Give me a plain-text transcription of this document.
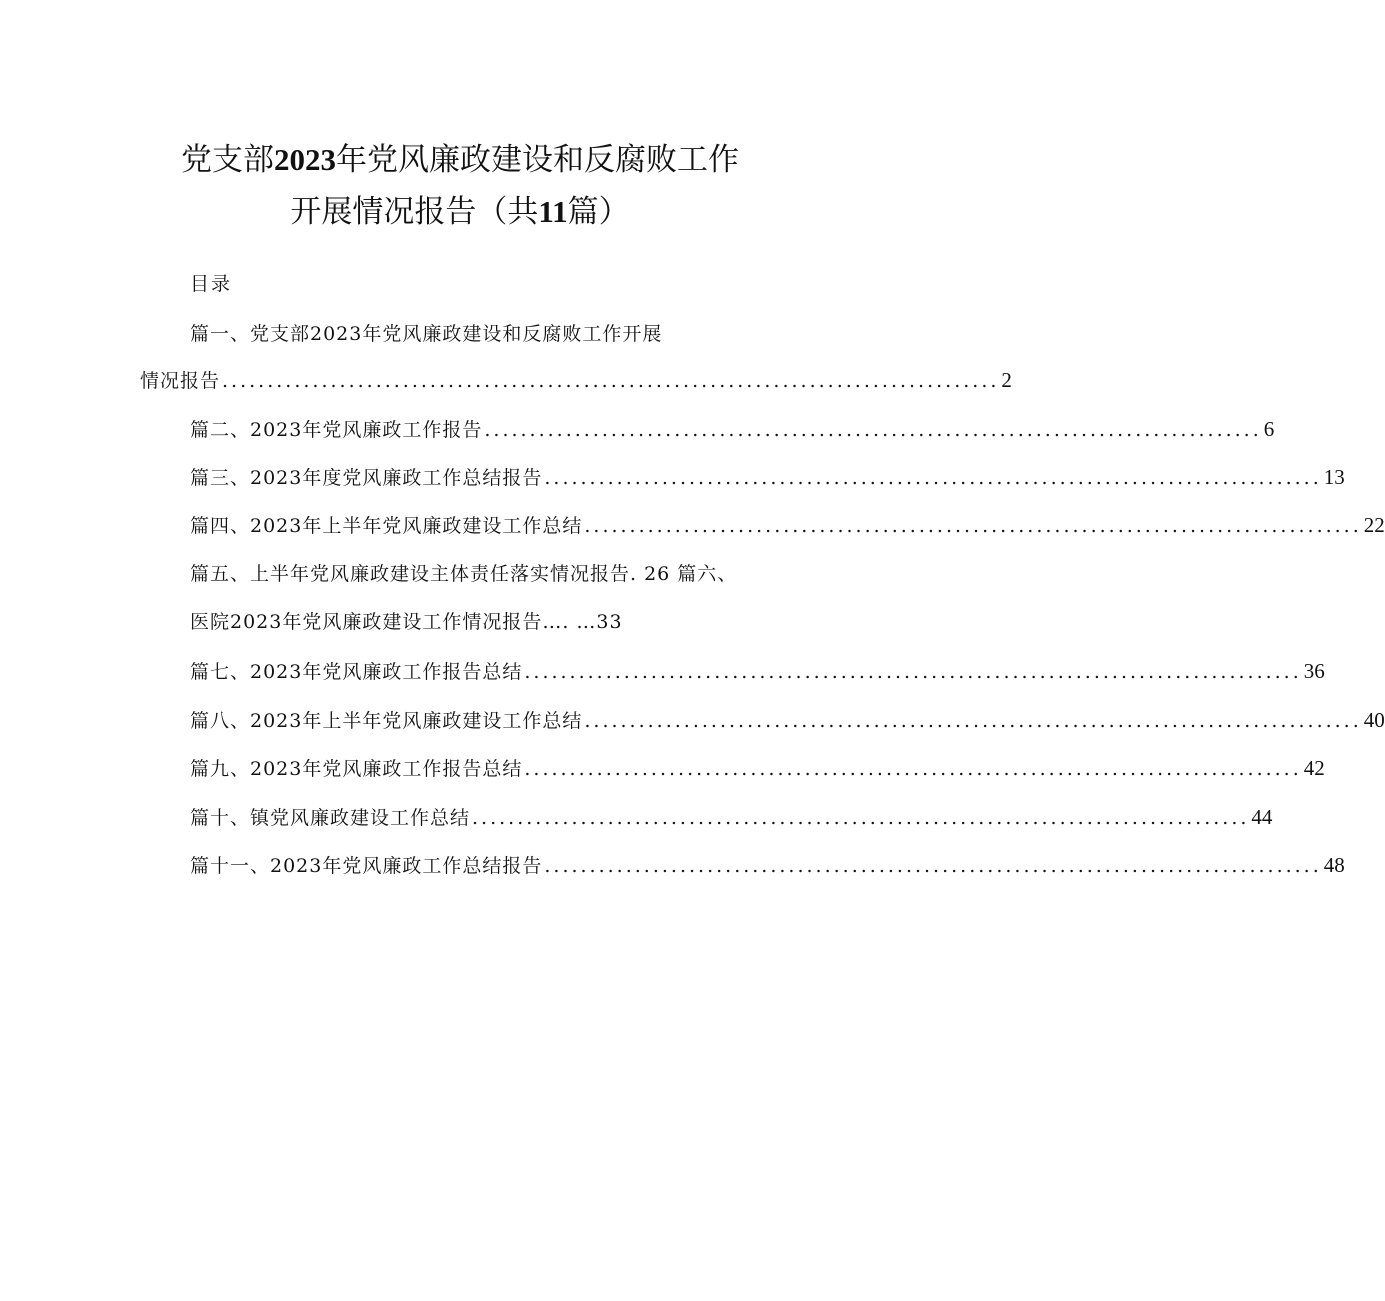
党支部2023年党风廉政建设和反腐败工作
开展情况报告（共11篇）
目录
篇一、党支部2023年党风廉政建设和反腐败工作开展
情况报告 ...................................................................................... 2
篇二、2023年党风廉政工作报告 ...................................................................................... 6
篇三、2023年度党风廉政工作总结报告 ...................................................................................... 13
篇四、2023年上半年党风廉政建设工作总结 ...................................................................................... 22
篇五、上半年党风廉政建设主体责任落实情况报告. 26 篇六、
医院2023年党风廉政建设工作情况报告…. …33
篇七、2023年党风廉政工作报告总结 ...................................................................................... 36
篇八、2023年上半年党风廉政建设工作总结 ...................................................................................... 40
篇九、2023年党风廉政工作报告总结 ...................................................................................... 42
篇十、镇党风廉政建设工作总结 ...................................................................................... 44
篇十一、2023年党风廉政工作总结报告 ...................................................................................... 48
